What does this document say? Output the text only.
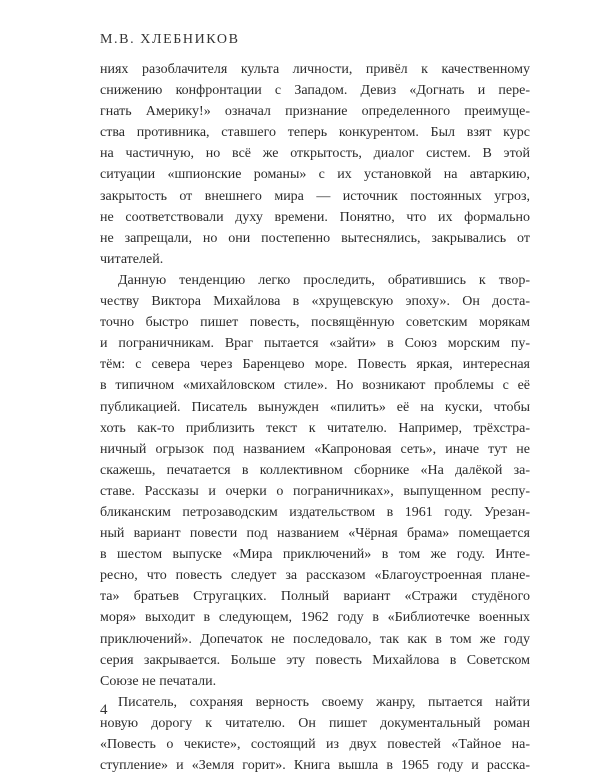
М.В. ХЛЕБНИКОВ
ниях разоблачителя культа личности, привёл к качественному
снижению конфронтации с Западом. Девиз «Догнать и пере-
гнать Америку!» означал признание определенного преимуще-
ства противника, ставшего теперь конкурентом. Был взят курс
на частичную, но всё же открытость, диалог систем. В этой
ситуации «шпионские романы» с их установкой на автаркию,
закрытость от внешнего мира — источник постоянных угроз,
не соответствовали духу времени. Понятно, что их формально
не запрещали, но они постепенно вытеснялись, закрывались от
читателей.
Данную тенденцию легко проследить, обратившись к твор-
честву Виктора Михайлова в «хрущевскую эпоху». Он доста-
точно быстро пишет повесть, посвящённую советским морякам
и пограничникам. Враг пытается «зайти» в Союз морским пу-
тём: с севера через Баренцево море. Повесть яркая, интересная
в типичном «михайловском стиле». Но возникают проблемы с её
публикацией. Писатель вынужден «пилить» её на куски, чтобы
хоть как-то приблизить текст к читателю. Например, трёхстра-
ничный огрызок под названием «Капроновая сеть», иначе тут не
скажешь, печатается в коллективном сборнике «На далёкой за-
ставе. Рассказы и очерки о пограничниках», выпущенном респу-
бликанским петрозаводским издательством в 1961 году. Урезан-
ный вариант повести под названием «Чёрная брама» помещается
в шестом выпуске «Мира приключений» в том же году. Инте-
ресно, что повесть следует за рассказом «Благоустроенная плане-
та» братьев Стругацких. Полный вариант «Стражи студёного
моря» выходит в следующем, 1962 году в «Библиотечке военных
приключений». Допечаток не последовало, так как в том же году
серия закрывается. Больше эту повесть Михайлова в Советском
Союзе не печатали.
Писатель, сохраняя верность своему жанру, пытается найти
новую дорогу к читателю. Он пишет документальный роман
«Повесть о чекисте», состоящий из двух повестей «Тайное на-
ступление» и «Земля горит». Книга вышла в 1965 году и расска-
4
